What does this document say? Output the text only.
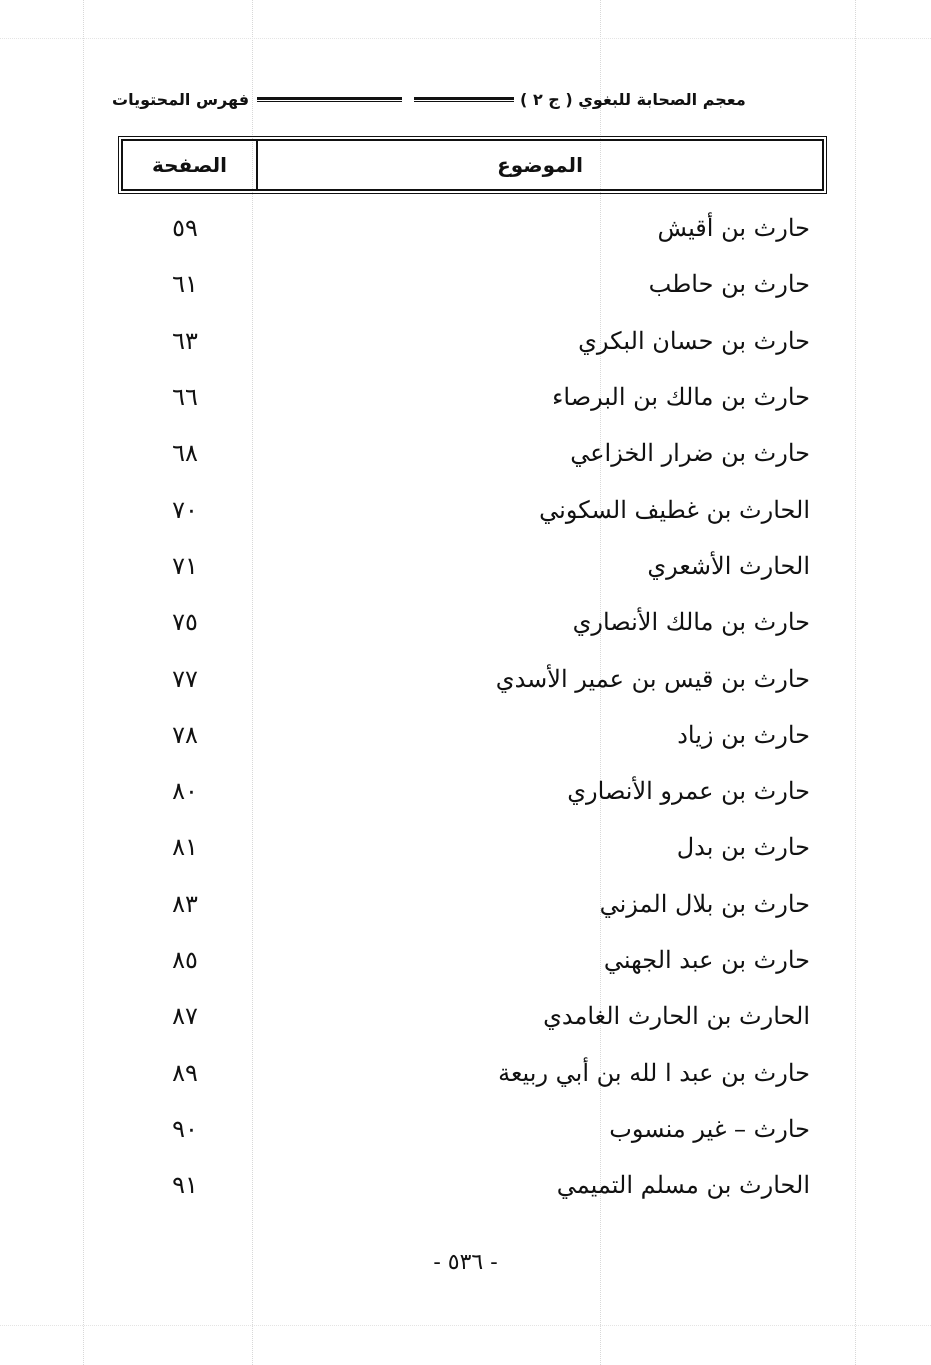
فهرس المحتويات	معجم الصحابة للبغوي ( ج ٢ )
الموضوع
الصفحة
حارث بن أقيش
٥٩
حارث بن حاطب
٦١
حارث بن حسان البكري
٦٣
حارث بن مالك بن البرصاء
٦٦
حارث بن ضرار الخزاعي
٦٨
الحارث بن غطيف السكوني
٧٠
الحارث الأشعري
٧١
حارث بن مالك الأنصاري
٧٥
حارث بن قيس بن عمير الأسدي
٧٧
حارث بن زياد
٧٨
حارث بن عمرو الأنصاري
٨٠
حارث بن بدل
٨١
حارث بن بلال المزني
٨٣
حارث بن عبد الجهني
٨٥
الحارث بن الحارث الغامدي
٨٧
حارث بن عبد ا لله بن أبي ربيعة
٨٩
حارث – غير منسوب
٩٠
الحارث بن مسلم التميمي
٩١
- ٥٣٦ -
